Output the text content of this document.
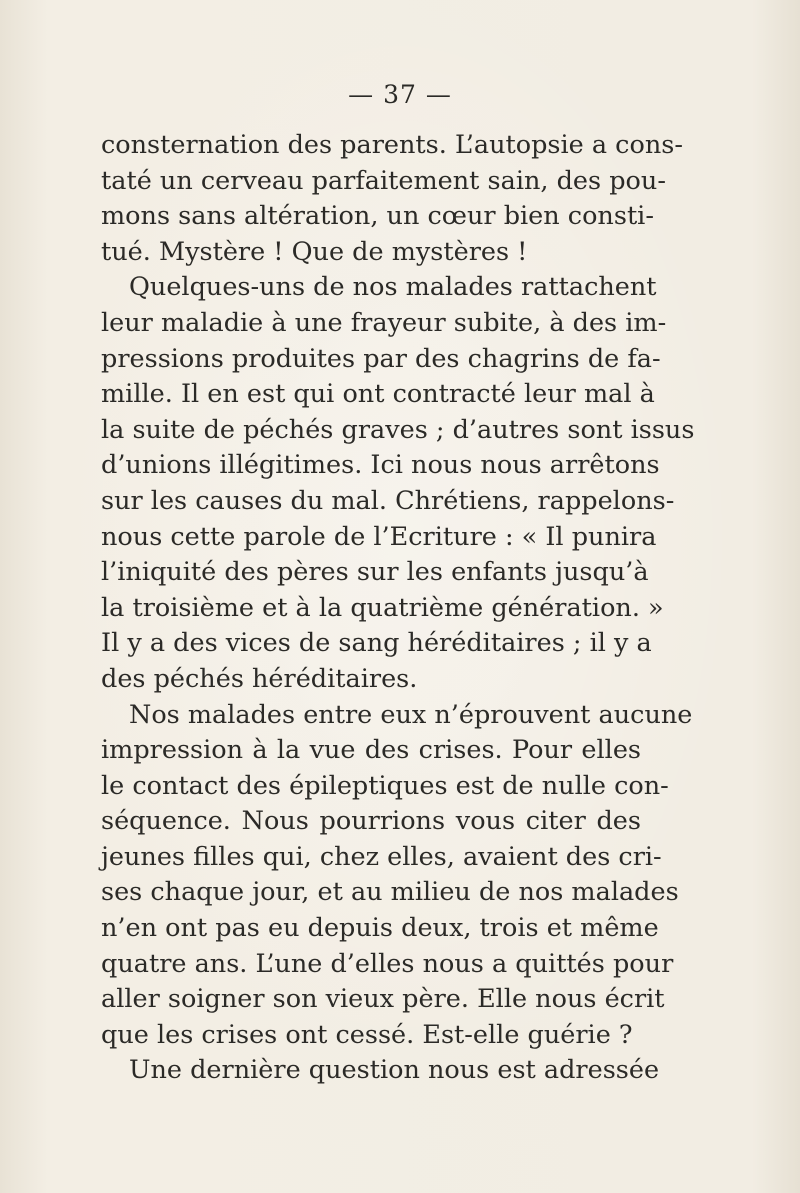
— 37 —
consternation des parents. L’autopsie a cons-
taté un cerveau parfaitement sain, des pou-
mons sans altération, un cœur bien consti-
tué. Mystère ! Que de mystères !
Quelques-uns de nos malades rattachent
leur maladie à une frayeur subite, à des im-
pressions produites par des chagrins de fa-
mille. Il en est qui ont contracté leur mal à
la suite de péchés graves ; d’autres sont issus
d’unions illégitimes. Ici nous nous arrêtons
sur les causes du mal. Chrétiens, rappelons-
nous cette parole de l’Ecriture : « Il punira
l’iniquité des pères sur les enfants jusqu’à
la troisième et à la quatrième génération. »
Il y a des vices de sang héréditaires ; il y a
des péchés héréditaires.
Nos malades entre eux n’éprouvent aucune
impression à la vue des crises. Pour elles
le contact des épileptiques est de nulle con-
séquence. Nous pourrions vous citer des
jeunes filles qui, chez elles, avaient des cri-
ses chaque jour, et au milieu de nos malades
n’en ont pas eu depuis deux, trois et même
quatre ans. L’une d’elles nous a quittés pour
aller soigner son vieux père. Elle nous écrit
que les crises ont cessé. Est-elle guérie ?
Une dernière question nous est adressée
